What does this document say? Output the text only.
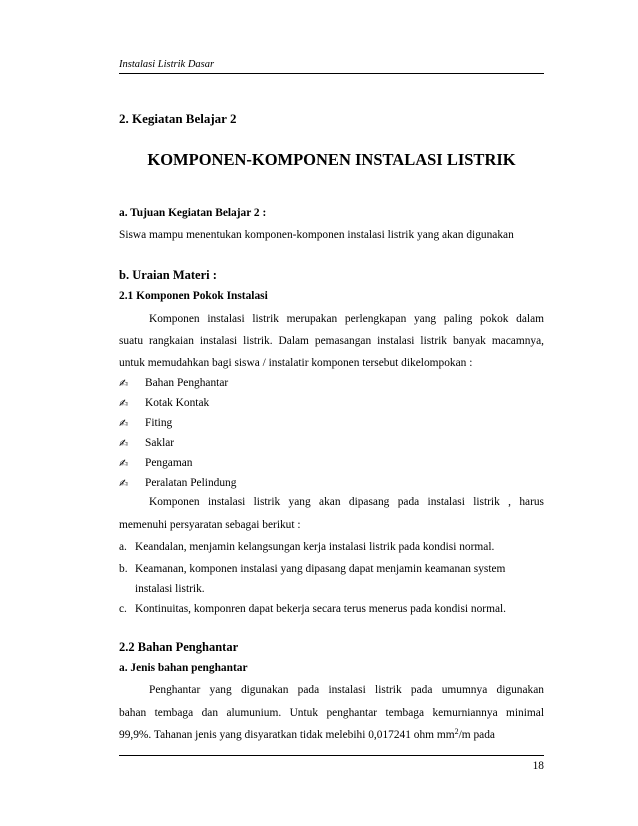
Instalasi Listrik Dasar
2. Kegiatan Belajar 2
KOMPONEN-KOMPONEN INSTALASI LISTRIK
a. Tujuan Kegiatan Belajar 2 :
Siswa mampu menentukan komponen-komponen instalasi listrik yang akan digunakan
b. Uraian Materi :
2.1 Komponen Pokok Instalasi
Komponen instalasi listrik merupakan perlengkapan yang paling pokok dalam
suatu rangkaian instalasi listrik. Dalam pemasangan instalasi listrik banyak macamnya,
untuk memudahkan bagi siswa / instalatir komponen tersebut dikelompokan :
✍ Bahan Penghantar
✍ Kotak Kontak
✍ Fiting
✍ Saklar
✍ Pengaman
✍ Peralatan Pelindung
Komponen instalasi listrik yang akan dipasang pada instalasi listrik , harus
memenuhi persyaratan sebagai berikut :
a. Keandalan, menjamin kelangsungan kerja instalasi listrik pada kondisi normal.
b. Keamanan, komponen instalasi yang dipasang dapat menjamin keamanan system
instalasi listrik.
c. Kontinuitas, komponren dapat bekerja secara terus menerus pada kondisi normal.
2.2 Bahan Penghantar
a. Jenis bahan penghantar
Penghantar yang digunakan pada instalasi listrik pada umumnya digunakan
bahan tembaga dan alumunium. Untuk penghantar tembaga kemurniannya minimal
99,9%. Tahanan jenis yang disyaratkan tidak melebihi 0,017241 ohm $mm^2/m$ pada
18
